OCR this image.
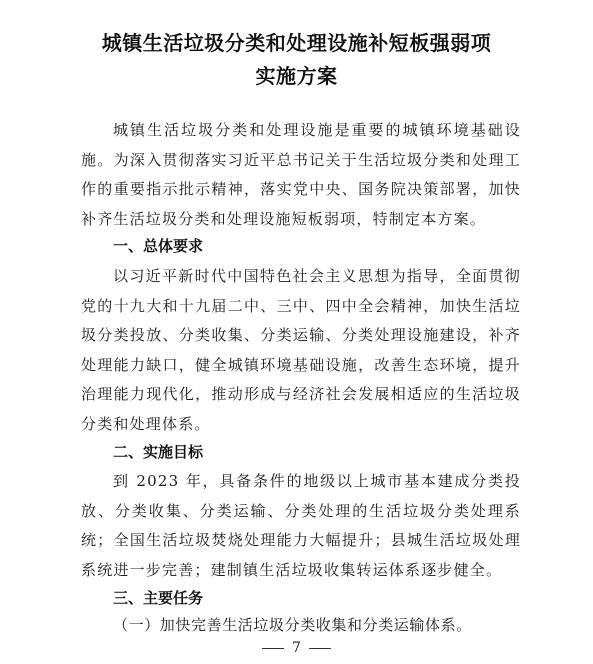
城镇生活垃圾分类和处理设施补短板强弱项
实施方案
城镇生活垃圾分类和处理设施是重要的城镇环境基础设施。为深入贯彻落实习近平总书记关于生活垃圾分类和处理工作的重要指示批示精神，落实党中央、国务院决策部署，加快补齐生活垃圾分类和处理设施短板弱项，特制定本方案。
一、总体要求
以习近平新时代中国特色社会主义思想为指导，全面贯彻党的十九大和十九届二中、三中、四中全会精神，加快生活垃圾分类投放、分类收集、分类运输、分类处理设施建设，补齐处理能力缺口，健全城镇环境基础设施，改善生态环境，提升治理能力现代化，推动形成与经济社会发展相适应的生活垃圾分类和处理体系。
二、实施目标
到 2023 年，具备条件的地级以上城市基本建成分类投放、分类收集、分类运输、分类处理的生活垃圾分类处理系统；全国生活垃圾焚烧处理能力大幅提升；县城生活垃圾处理系统进一步完善；建制镇生活垃圾收集转运体系逐步健全。
三、主要任务
（一）加快完善生活垃圾分类收集和分类运输体系。
7
